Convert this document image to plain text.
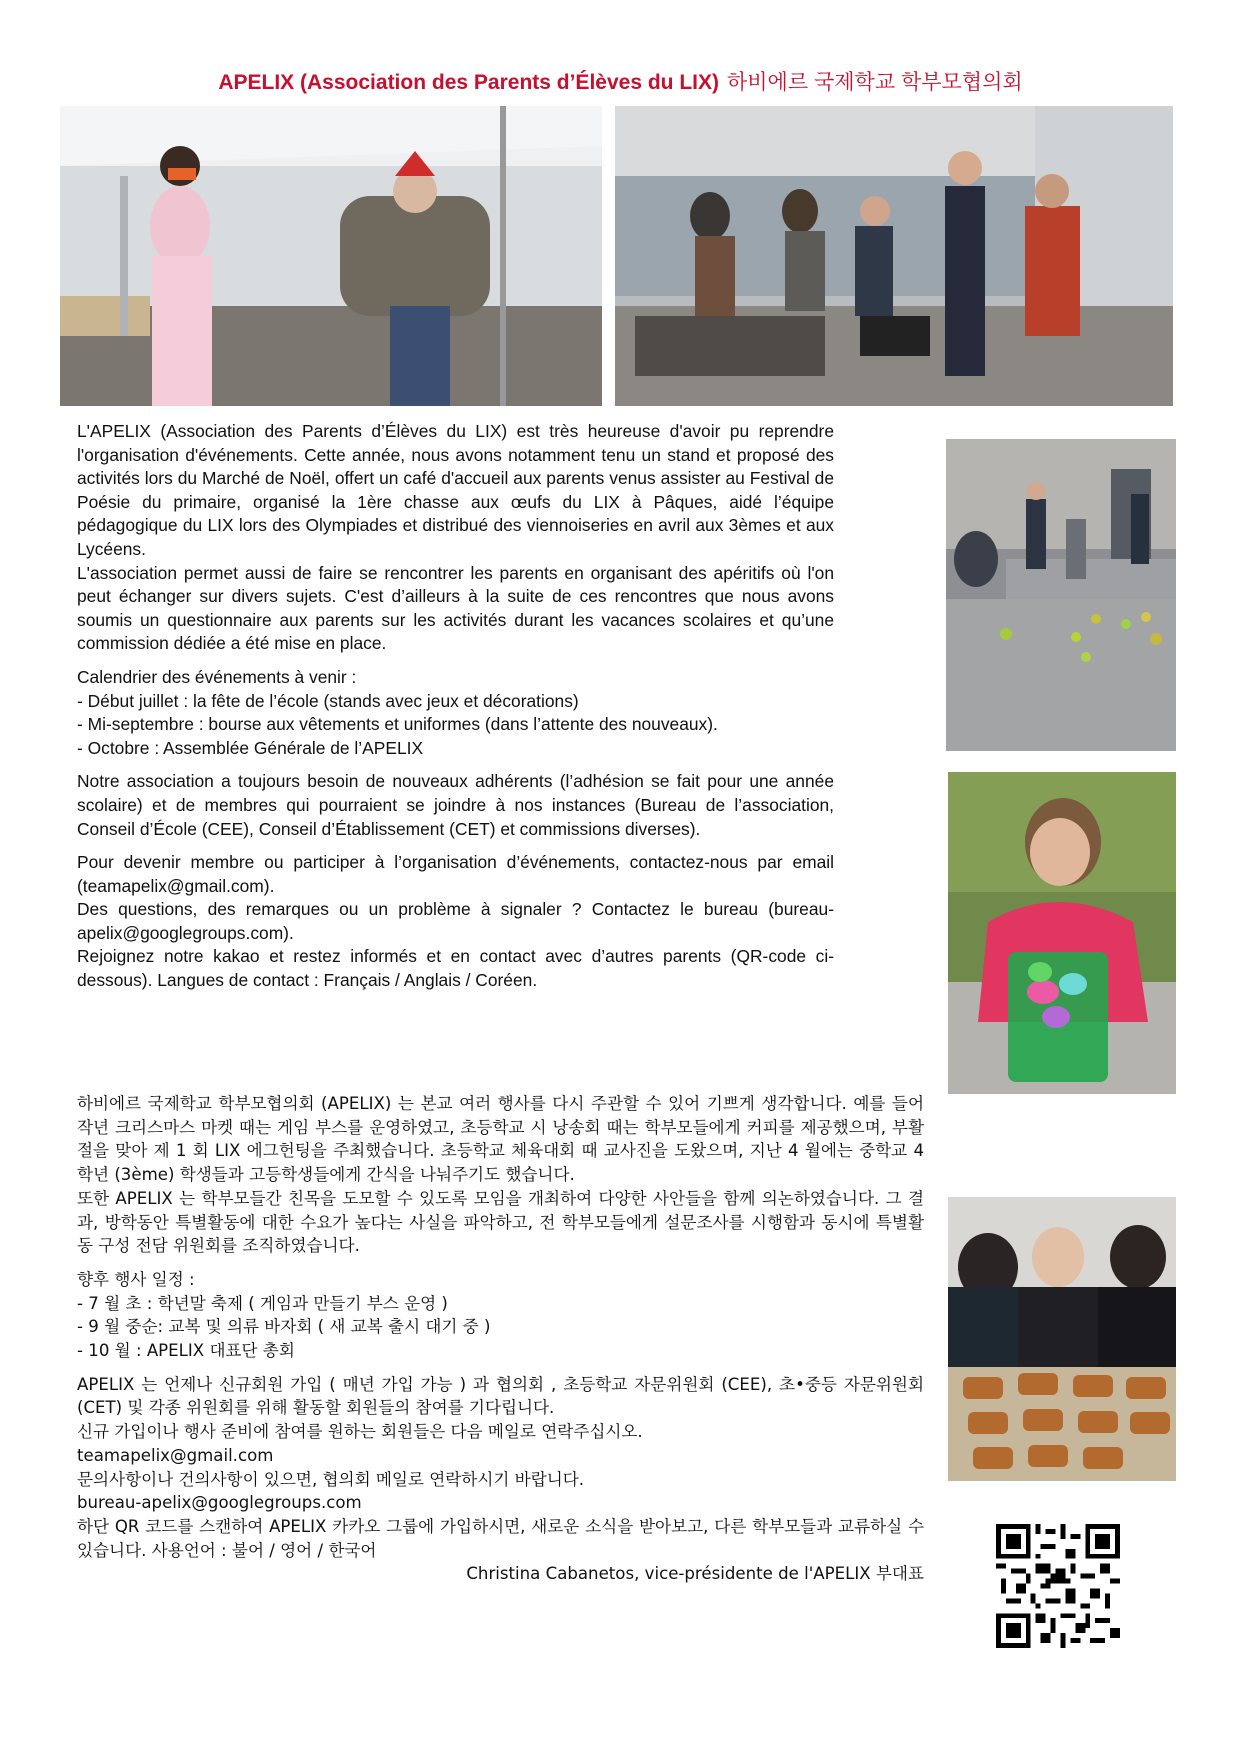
APELIX (Association des Parents d’Élèves du LIX) 하비에르 국제학교 학부모협의회

L'APELIX (Association des Parents d’Élèves du LIX) est très heureuse d'avoir pu reprendre l'organisation d'événements. Cette année, nous avons notamment tenu un stand et proposé des activités lors du Marché de Noël, offert un café d'accueil aux parents venus assister au Festival de Poésie du primaire, organisé la 1ère chasse aux œufs du LIX à Pâques, aidé l’équipe pédagogique du LIX lors des Olympiades et distribué des viennoiseries en avril aux 3èmes et aux Lycéens.

L'association permet aussi de faire se rencontrer les parents en organisant des apéritifs où l'on peut échanger sur divers sujets. C'est d’ailleurs à la suite de ces rencontres que nous avons soumis un questionnaire aux parents sur les activités durant les vacances scolaires et qu’une commission dédiée a été mise en place.

Calendrier des événements à venir :

- Début juillet : la fête de l’école (stands avec jeux et décorations)

- Mi-septembre : bourse aux vêtements et uniformes (dans l’attente des nouveaux).

- Octobre : Assemblée Générale de l’APELIX

Notre association a toujours besoin de nouveaux adhérents (l’adhésion se fait pour une année scolaire) et de membres qui pourraient se joindre à nos instances (Bureau de l’association, Conseil d’École (CEE), Conseil d’Établissement (CET) et commissions diverses).

Pour devenir membre ou participer à l’organisation d’événements, contactez-nous par email (teamapelix@gmail.com).

Des questions, des remarques ou un problème à signaler ? Contactez le bureau (bureau-apelix@googlegroups.com).

Rejoignez notre kakao et restez informés et en contact avec d’autres parents (QR-code ci-dessous). Langues de contact : Français / Anglais / Coréen.

하비에르 국제학교 학부모협의회 (APELIX) 는 본교 여러 행사를 다시 주관할 수 있어 기쁘게 생각합니다. 예를 들어 작년 크리스마스 마켓 때는 게임 부스를 운영하였고, 초등학교 시 낭송회 때는 학부모들에게 커피를 제공했으며, 부활절을 맞아 제 1 회 LIX 에그헌팅을 주최했습니다. 초등학교 체육대회 때 교사진을 도왔으며, 지난 4 월에는 중학교 4 학년 (3ème) 학생들과 고등학생들에게 간식을 나눠주기도 했습니다.

또한 APELIX 는 학부모들간 친목을 도모할 수 있도록 모임을 개최하여 다양한 사안들을 함께 의논하였습니다. 그 결과, 방학동안 특별활동에 대한 수요가 높다는 사실을 파악하고, 전 학부모들에게 설문조사를 시행함과 동시에 특별활동 구성 전담 위원회를 조직하였습니다.

향후 행사 일정 :

- 7 월 초 : 학년말 축제 ( 게임과 만들기 부스 운영 )

- 9 월 중순: 교복 및 의류 바자회 ( 새 교복 출시 대기 중 )

- 10 월 : APELIX 대표단 총회

APELIX 는 언제나 신규회원 가입 ( 매년 가입 가능 ) 과 협의회 , 초등학교 자문위원회 (CEE), 초•중등 자문위원회 (CET) 및 각종 위원회를 위해 활동할 회원들의 참여를 기다립니다.

신규 가입이나 행사 준비에 참여를 원하는 회원들은 다음 메일로 연락주십시오.

teamapelix@gmail.com

문의사항이나 건의사항이 있으면, 협의회 메일로 연락하시기 바랍니다.

bureau-apelix@googlegroups.com

하단 QR 코드를 스캔하여 APELIX 카카오 그룹에 가입하시면, 새로운 소식을 받아보고, 다른 학부모들과 교류하실 수 있습니다. 사용언어 : 불어 / 영어 / 한국어

Christina Cabanetos, vice-présidente de l'APELIX 부대표
